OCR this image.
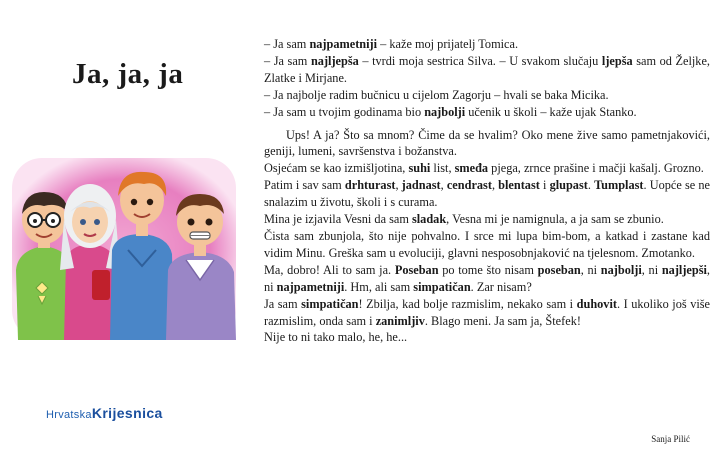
Ja, ja, ja
HrvatskaKrijesnica

– Ja sam najpametniji – kaže moj prijatelj Tomica.

– Ja sam najljepša – tvrdi moja sestrica Silva. – U svakom slučaju ljepša sam od Željke, Zlatke i Mirjane.

– Ja najbolje radim bučnicu u cijelom Zagorju – hvali se baka Micika.

– Ja sam u tvojim godinama bio najbolji učenik u školi – kaže ujak Stanko.

Ups! A ja? Što sa mnom? Čime da se hvalim? Oko mene žive samo pametnjakovići, geniji, lumeni, savršenstva i božanstva.

Osjećam se kao izmišljotina, suhi list, smeđa pjega, zrnce prašine i mačji kašalj. Grozno.

Patim i sav sam drhturast, jadnast, cendrast, blentast i glupast. Tumplast. Uopće se ne snalazim u životu, školi i s curama.

Mina je izjavila Vesni da sam sladak, Vesna mi je namignula, a ja sam se zbunio.

Čista sam zbunjola, što nije pohvalno. I srce mi lupa bim-bom, a katkad i zastane kad vidim Minu. Greška sam u evoluciji, glavni nesposobnjaković na tjelesnom. Zmotanko.

Ma, dobro! Ali to sam ja. Poseban po tome što nisam poseban, ni najbolji, ni najljepši, ni najpametniji. Hm, ali sam simpatičan. Zar nisam?

Ja sam simpatičan! Zbilja, kad bolje razmislim, nekako sam i duhovit. I ukoliko još više razmislim, onda sam i zanimljiv. Blago meni. Ja sam ja, Štefek!

Nije to ni tako malo, he, he...

Sanja Pilić
